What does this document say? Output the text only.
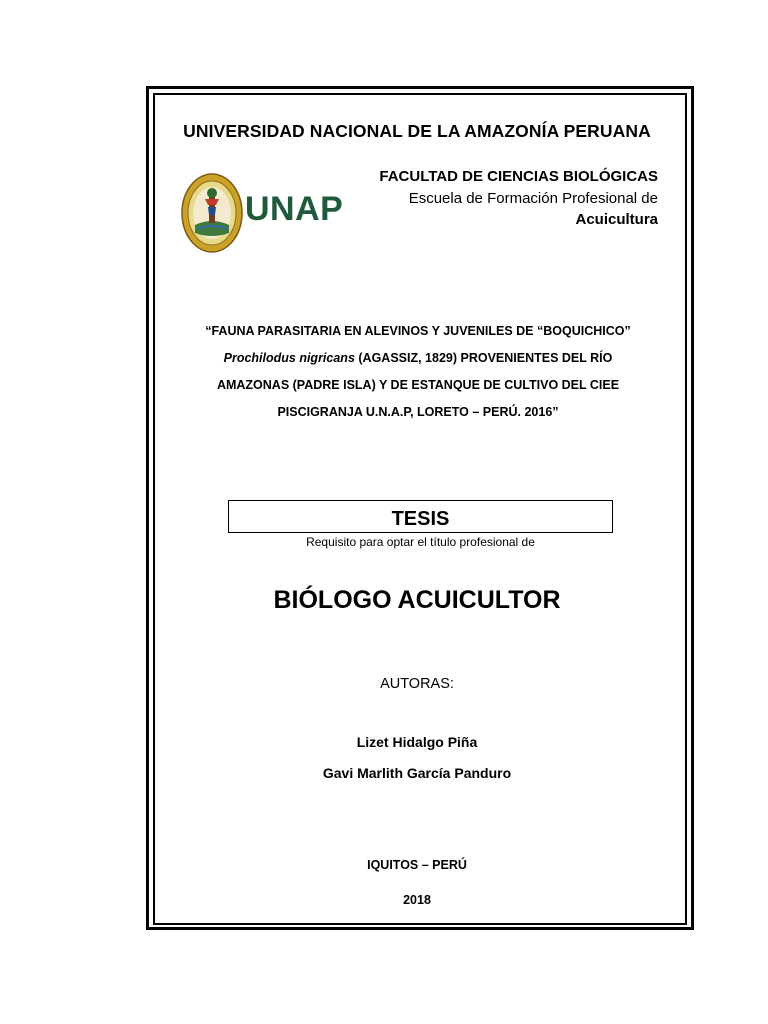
UNIVERSIDAD NACIONAL DE LA AMAZONÍA PERUANA
UNAP
FACULTAD DE CIENCIAS BIOLÓGICAS
Escuela de Formación Profesional de
Acuicultura
“FAUNA PARASITARIA EN ALEVINOS Y JUVENILES DE “BOQUICHICO”
Prochilodus nigricans (AGASSIZ, 1829) PROVENIENTES DEL RÍO
AMAZONAS (PADRE ISLA) Y DE ESTANQUE DE CULTIVO DEL CIEE
PISCIGRANJA U.N.A.P, LORETO – PERÚ. 2016”
TESIS
Requisito para optar el título profesional de
BIÓLOGO ACUICULTOR
AUTORAS:
Lizet Hidalgo Piña
Gavi Marlith García Panduro
IQUITOS – PERÚ
2018
